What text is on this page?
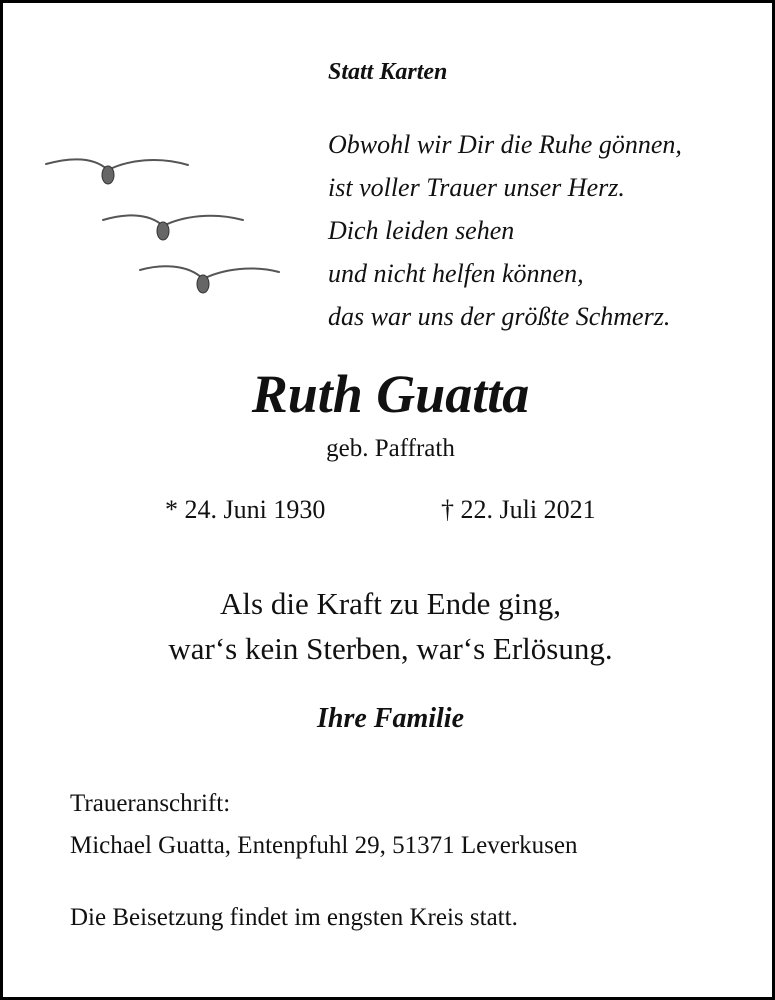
Statt Karten
Obwohl wir Dir die Ruhe gönnen,
ist voller Trauer unser Herz.
Dich leiden sehen
und nicht helfen können,
das war uns der größte Schmerz.
Ruth Guatta
geb. Paffrath
* 24. Juni 1930	† 22. Juli 2021
Als die Kraft zu Ende ging,
war‘s kein Sterben, war‘s Erlösung.
Ihre Familie
Traueranschrift:
Michael Guatta, Entenpfuhl 29, 51371 Leverkusen
Die Beisetzung findet im engsten Kreis statt.
